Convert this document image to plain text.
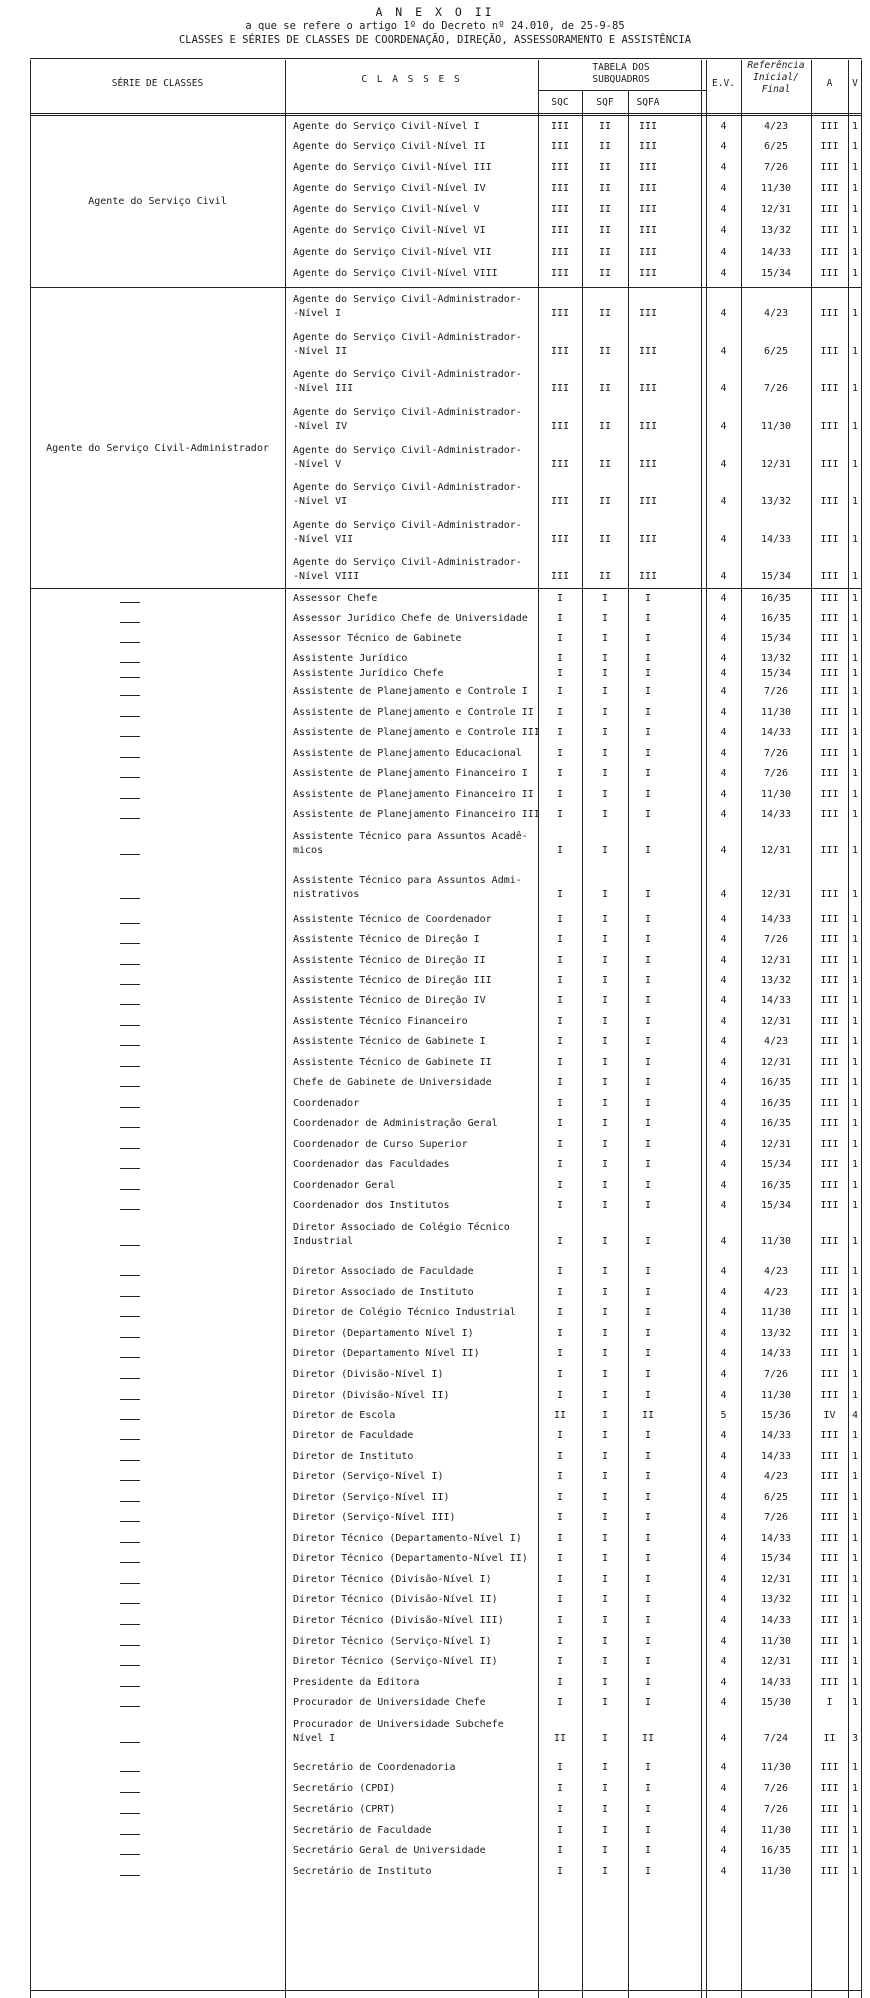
A N E X O II
a que se refere o artigo 1º do Decreto nº 24.010, de 25-9-85
CLASSES E SÉRIES DE CLASSES DE COORDENAÇÃO, DIREÇÃO, ASSESSORAMENTO E ASSISTÊNCIA
SÉRIE DE CLASSES	C L A S S E S
TABELA DOS SUBQUADROS
SQC	SQF	SQFA
E.V.
Referência Inicial/ Final
A	V
Agente do Serviço Civil
Agente do Serviço Civil-Administrador
Agente do Serviço Civil-Nível I	III	II	III	4	4/23	III	1
Agente do Serviço Civil-Nível II	III	II	III	4	6/25	III	1
Agente do Serviço Civil-Nível III	III	II	III	4	7/26	III	1
Agente do Serviço Civil-Nível IV	III	II	III	4	11/30	III	1
Agente do Serviço Civil-Nível V	III	II	III	4	12/31	III	1
Agente do Serviço Civil-Nível VI	III	II	III	4	13/32	III	1
Agente do Serviço Civil-Nível VII	III	II	III	4	14/33	III	1
Agente do Serviço Civil-Nível VIII	III	II	III	4	15/34	III	1
Agente do Serviço Civil-Administrador-
-Nível I	III	II	III	4	4/23	III	1
Agente do Serviço Civil-Administrador-
-Nível II	III	II	III	4	6/25	III	1
Agente do Serviço Civil-Administrador-
-Nível III	III	II	III	4	7/26	III	1
Agente do Serviço Civil-Administrador-
-Nível IV	III	II	III	4	11/30	III	1
Agente do Serviço Civil-Administrador-
-Nível V	III	II	III	4	12/31	III	1
Agente do Serviço Civil-Administrador-
-Nível VI	III	II	III	4	13/32	III	1
Agente do Serviço Civil-Administrador-
-Nível VII	III	II	III	4	14/33	III	1
Agente do Serviço Civil-Administrador-
-Nível VIII	III	II	III	4	15/34	III	1
Assessor Chefe	I	I	I	4	16/35	III	1
Assessor Jurídico Chefe de Universidade	I	I	I	4	16/35	III	1
Assessor Técnico de Gabinete	I	I	I	4	15/34	III	1
Assistente Jurídico	I	I	I	4	13/32	III	1
Assistente Jurídico Chefe	I	I	I	4	15/34	III	1
Assistente de Planejamento e Controle I	I	I	I	4	7/26	III	1
Assistente de Planejamento e Controle II	I	I	I	4	11/30	III	1
Assistente de Planejamento e Controle III	I	I	I	4	14/33	III	1
Assistente de Planejamento Educacional	I	I	I	4	7/26	III	1
Assistente de Planejamento Financeiro I	I	I	I	4	7/26	III	1
Assistente de Planejamento Financeiro II	I	I	I	4	11/30	III	1
Assistente de Planejamento Financeiro III	I	I	I	4	14/33	III	1
Assistente Técnico para Assuntos Acadê-
micos	I	I	I	4	12/31	III	1
Assistente Técnico para Assuntos Admi-
nistrativos	I	I	I	4	12/31	III	1
Assistente Técnico de Coordenador	I	I	I	4	14/33	III	1
Assistente Técnico de Direção I	I	I	I	4	7/26	III	1
Assistente Técnico de Direção II	I	I	I	4	12/31	III	1
Assistente Técnico de Direção III	I	I	I	4	13/32	III	1
Assistente Técnico de Direção IV	I	I	I	4	14/33	III	1
Assistente Técnico Financeiro	I	I	I	4	12/31	III	1
Assistente Técnico de Gabinete I	I	I	I	4	4/23	III	1
Assistente Técnico de Gabinete II	I	I	I	4	12/31	III	1
Chefe de Gabinete de Universidade	I	I	I	4	16/35	III	1
Coordenador	I	I	I	4	16/35	III	1
Coordenador de Administração Geral	I	I	I	4	16/35	III	1
Coordenador de Curso Superior	I	I	I	4	12/31	III	1
Coordenador das Faculdades	I	I	I	4	15/34	III	1
Coordenador Geral	I	I	I	4	16/35	III	1
Coordenador dos Institutos	I	I	I	4	15/34	III	1
Diretor Associado de Colégio Técnico
Industrial	I	I	I	4	11/30	III	1
Diretor Associado de Faculdade	I	I	I	4	4/23	III	1
Diretor Associado de Instituto	I	I	I	4	4/23	III	1
Diretor de Colégio Técnico Industrial	I	I	I	4	11/30	III	1
Diretor (Departamento Nível I)	I	I	I	4	13/32	III	1
Diretor (Departamento Nível II)	I	I	I	4	14/33	III	1
Diretor (Divisão-Nível I)	I	I	I	4	7/26	III	1
Diretor (Divisão-Nível II)	I	I	I	4	11/30	III	1
Diretor de Escola	II	I	II	5	15/36	IV	4
Diretor de Faculdade	I	I	I	4	14/33	III	1
Diretor de Instituto	I	I	I	4	14/33	III	1
Diretor (Serviço-Nível I)	I	I	I	4	4/23	III	1
Diretor (Serviço-Nível II)	I	I	I	4	6/25	III	1
Diretor (Serviço-Nível III)	I	I	I	4	7/26	III	1
Diretor Técnico (Departamento-Nível I)	I	I	I	4	14/33	III	1
Diretor Técnico (Departamento-Nível II)	I	I	I	4	15/34	III	1
Diretor Técnico (Divisão-Nível I)	I	I	I	4	12/31	III	1
Diretor Técnico (Divisão-Nível II)	I	I	I	4	13/32	III	1
Diretor Técnico (Divisão-Nível III)	I	I	I	4	14/33	III	1
Diretor Técnico (Serviço-Nível I)	I	I	I	4	11/30	III	1
Diretor Técnico (Serviço-Nível II)	I	I	I	4	12/31	III	1
Presidente da Editora	I	I	I	4	14/33	III	1
Procurador de Universidade Chefe	I	I	I	4	15/30	I	1
Procurador de Universidade Subchefe
Nível I	II	I	II	4	7/24	II	3
Secretário de Coordenadoria	I	I	I	4	11/30	III	1
Secretário (CPDI)	I	I	I	4	7/26	III	1
Secretário (CPRT)	I	I	I	4	7/26	III	1
Secretário de Faculdade	I	I	I	4	11/30	III	1
Secretário Geral de Universidade	I	I	I	4	16/35	III	1
Secretário de Instituto	I	I	I	4	11/30	III	1
